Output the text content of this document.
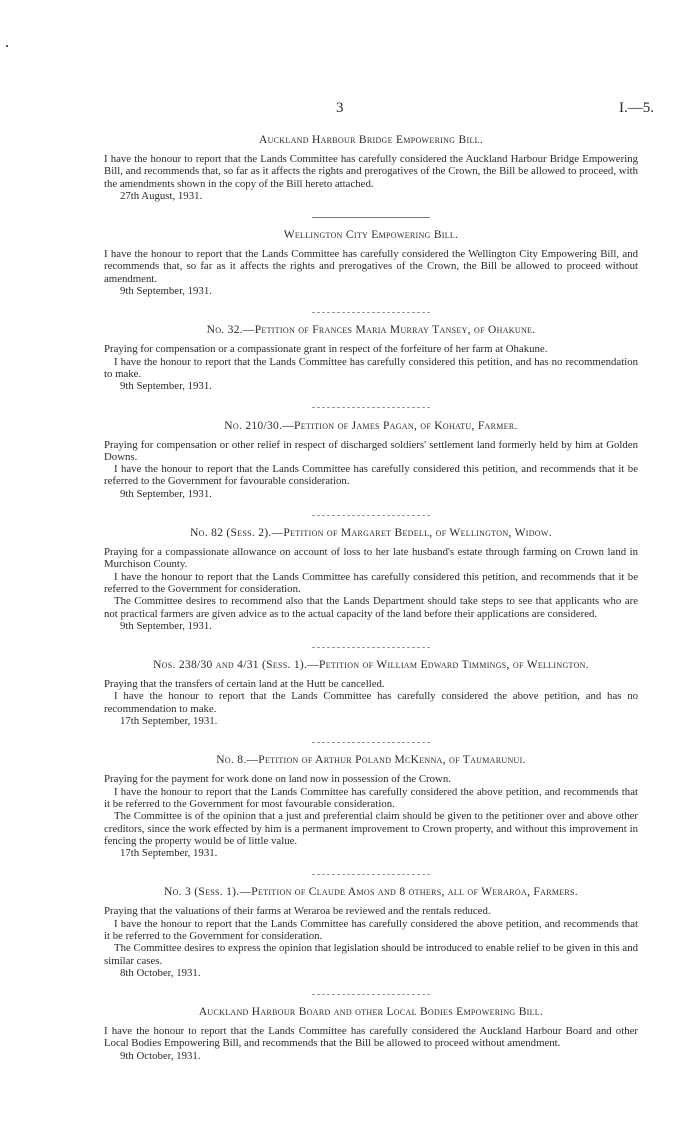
3	I.—5.
Auckland Harbour Bridge Empowering Bill.

I have the honour to report that the Lands Committee has carefully considered the Auckland Harbour Bridge Empowering Bill, and recommends that, so far as it affects the rights and prerogatives of the Crown, the Bill be allowed to proceed, with the amendments shown in the copy of the Bill hereto attached.

27th August, 1931.
Wellington City Empowering Bill.

I have the honour to report that the Lands Committee has carefully considered the Wellington City Empowering Bill, and recommends that, so far as it affects the rights and prerogatives of the Crown, the Bill be allowed to proceed without amendment.

9th September, 1931.
No. 32.—Petition of Frances Maria Murray Tansey, of Ohakune.

Praying for compensation or a compassionate grant in respect of the forfeiture of her farm at Ohakune.

I have the honour to report that the Lands Committee has carefully considered this petition, and has no recommendation to make.

9th September, 1931.
No. 210/30.—Petition of James Pagan, of Kohatu, Farmer.

Praying for compensation or other relief in respect of discharged soldiers' settlement land formerly held by him at Golden Downs.

I have the honour to report that the Lands Committee has carefully considered this petition, and recommends that it be referred to the Government for favourable consideration.

9th September, 1931.
No. 82 (Sess. 2).—Petition of Margaret Bedell, of Wellington, Widow.

Praying for a compassionate allowance on account of loss to her late husband's estate through farming on Crown land in Murchison County.

I have the honour to report that the Lands Committee has carefully considered this petition, and recommends that it be referred to the Government for consideration.

The Committee desires to recommend also that the Lands Department should take steps to see that applicants who are not practical farmers are given advice as to the actual capacity of the land before their applications are considered.

9th September, 1931.
Nos. 238/30 and 4/31 (Sess. 1).—Petition of William Edward Timmings, of Wellington.

Praying that the transfers of certain land at the Hutt be cancelled.

I have the honour to report that the Lands Committee has carefully considered the above petition, and has no recommendation to make.

17th September, 1931.
No. 8.—Petition of Arthur Poland McKenna, of Taumarunui.

Praying for the payment for work done on land now in possession of the Crown.

I have the honour to report that the Lands Committee has carefully considered the above petition, and recommends that it be referred to the Government for most favourable consideration.

The Committee is of the opinion that a just and preferential claim should be given to the petitioner over and above other creditors, since the work effected by him is a permanent improvement to Crown property, and without this improvement in fencing the property would be of little value.

17th September, 1931.
No. 3 (Sess. 1).—Petition of Claude Amos and 8 others, all of Weraroa, Farmers.

Praying that the valuations of their farms at Weraroa be reviewed and the rentals reduced.

I have the honour to report that the Lands Committee has carefully considered the above petition, and recommends that it be referred to the Government for consideration.

The Committee desires to express the opinion that legislation should be introduced to enable relief to be given in this and similar cases.

8th October, 1931.
Auckland Harbour Board and other Local Bodies Empowering Bill.

I have the honour to report that the Lands Committee has carefully considered the Auckland Harbour Board and other Local Bodies Empowering Bill, and recommends that the Bill be allowed to proceed without amendment.

9th October, 1931.
